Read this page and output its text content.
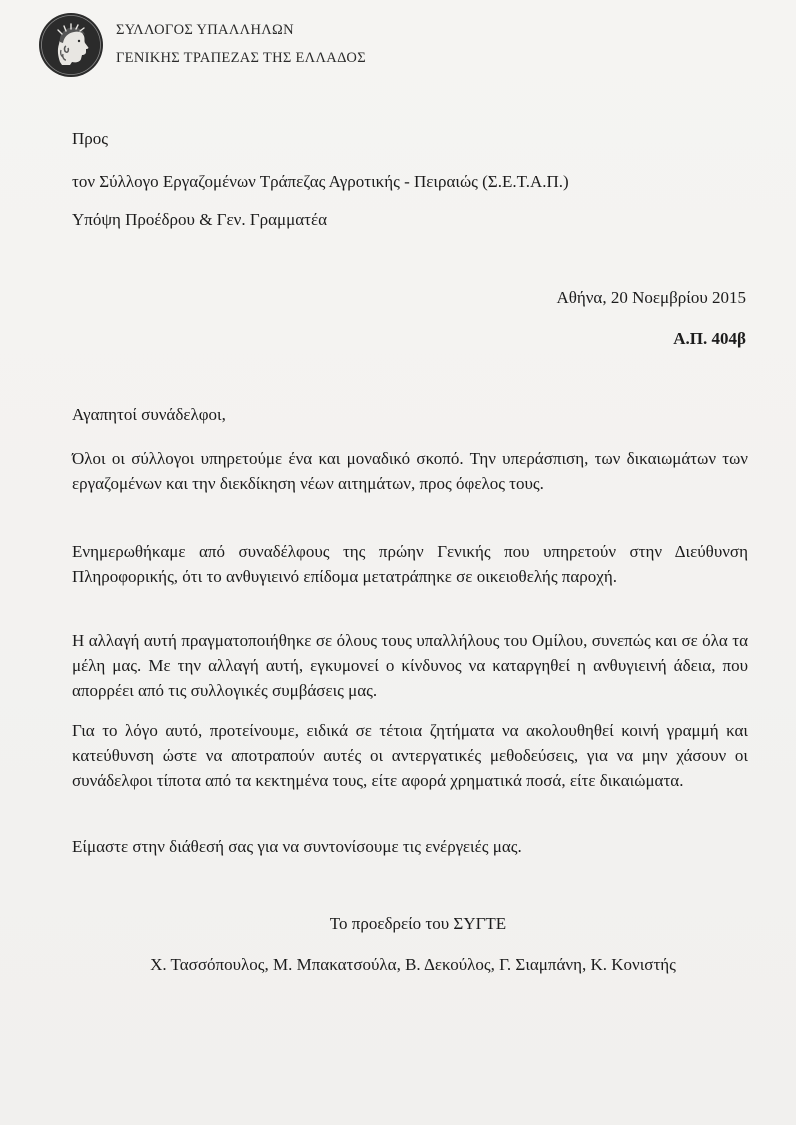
ΣΥΛΛΟΓΟΣ ΥΠΑΛΛΗΛΩΝ
ΓΕΝΙΚΗΣ ΤΡΑΠΕΖΑΣ ΤΗΣ ΕΛΛΑΔΟΣ
Προς
τον Σύλλογο Εργαζομένων Τράπεζας Αγροτικής - Πειραιώς (Σ.Ε.Τ.Α.Π.)
Υπόψη Προέδρου & Γεν. Γραμματέα
Αθήνα, 20 Νοεμβρίου 2015
Α.Π. 404β
Αγαπητοί συνάδελφοι,

Όλοι οι σύλλογοι υπηρετούμε ένα και μοναδικό σκοπό. Την υπεράσπιση, των δικαιωμάτων των εργαζομένων και την διεκδίκηση νέων αιτημάτων, προς όφελος τους.

Ενημερωθήκαμε από συναδέλφους της πρώην Γενικής που υπηρετούν στην Διεύθυνση Πληροφορικής, ότι το ανθυγιεινό επίδομα μετατράπηκε σε οικειοθελής παροχή.

Η αλλαγή αυτή πραγματοποιήθηκε σε όλους τους υπαλλήλους του Ομίλου, συνεπώς και σε όλα τα μέλη μας. Με την αλλαγή αυτή, εγκυμονεί ο κίνδυνος να καταργηθεί η ανθυγιεινή άδεια, που απορρέει από τις συλλογικές συμβάσεις μας.

Για το λόγο αυτό, προτείνουμε, ειδικά σε τέτοια ζητήματα να ακολουθηθεί κοινή γραμμή και κατεύθυνση ώστε να αποτραπούν αυτές οι αντεργατικές μεθοδεύσεις, για να μην χάσουν οι συνάδελφοι τίποτα από τα κεκτημένα τους, είτε αφορά χρηματικά ποσά, είτε δικαιώματα.

Είμαστε στην διάθεσή σας για να συντονίσουμε τις ενέργειές μας.

Το προεδρείο του ΣΥΓΤΕ
Χ. Τασσόπουλος, Μ. Μπακατσούλα, Β. Δεκούλος, Γ. Σιαμπάνη, Κ. Κονιστής
